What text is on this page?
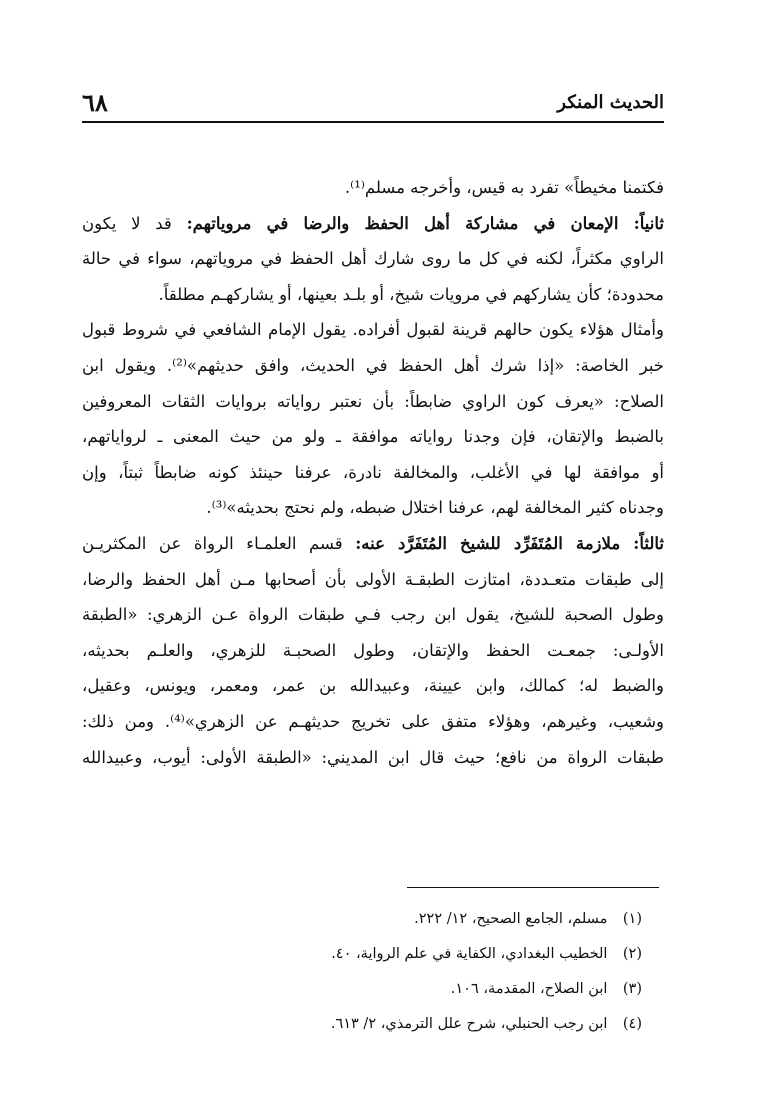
٦٨	الحديث المنكر
فكتمنا مخيطاً» تفرد به قيس، وأخرجه مسلم⁽¹⁾.
ثانياً: الإمعان في مشاركة أهل الحفظ والرضا في مروياتهم: قد لا يكون
الراوي مكثراً، لكنه في كل ما روى شارك أهل الحفظ في مروياتهم، سواء في حالة
محدودة؛ كأن يشاركهم في مرويات شيخ، أو بلـد بعينها، أو يشاركهـم مطلقاً.
وأمثال هؤلاء يكون حالهم قرينة لقبول أفراده. يقول الإمام الشافعي في شروط قبول
خبر الخاصة: «إذا شرك أهل الحفظ في الحديث، وافق حديثهم»⁽²⁾. ويقول ابن
الصلاح: «يعرف كون الراوي ضابطاً: بأن نعتبر رواياته بروايات الثقات المعروفين
بالضبط والإتقان، فإن وجدنا رواياته موافقة ـ ولو من حيث المعنى ـ لرواياتهم،
أو موافقة لها في الأغلب، والمخالفة نادرة، عرفنا حينئذ كونه ضابطاً ثبتاً، وإن
وجدناه كثير المخالفة لهم، عرفنا اختلال ضبطه، ولم نحتج بحديثه»⁽³⁾.
ثالثاً: ملازمة المُتَفَرِّد للشيخ المُتَفَرَّد عنه: قسم العلمـاء الرواة عن المكثريـن
إلى طبقات متعـددة، امتازت الطبقـة الأولى بأن أصحابها مـن أهل الحفظ والرضا،
وطول الصحبة للشيخ، يقول ابن رجب فـي طبقات الرواة عـن الزهري: «الطبقة
الأولـى: جمعـت الحفظ والإتقان، وطول الصحبـة للزهري، والعلـم بحديثه،
والضبط له؛ كمالك، وابن عيينة، وعبيدالله بن عمر، ومعمر، ويونس، وعقيل،
وشعيب، وغيرهم، وهؤلاء متفق على تخريج حديثهـم عن الزهري»⁽⁴⁾. ومن ذلك:
طبقات الرواة من نافع؛ حيث قال ابن المديني: «الطبقة الأولى: أيوب، وعبيدالله
(١) مسلم، الجامع الصحيح، ١٢/ ٢٢٢.
(٢) الخطيب البغدادي، الكفاية في علم الرواية، ٤٠.
(٣) ابن الصلاح، المقدمة، ١٠٦.
(٤) ابن رجب الحنبلي، شرح علل الترمذي، ٢/ ٦١٣.
